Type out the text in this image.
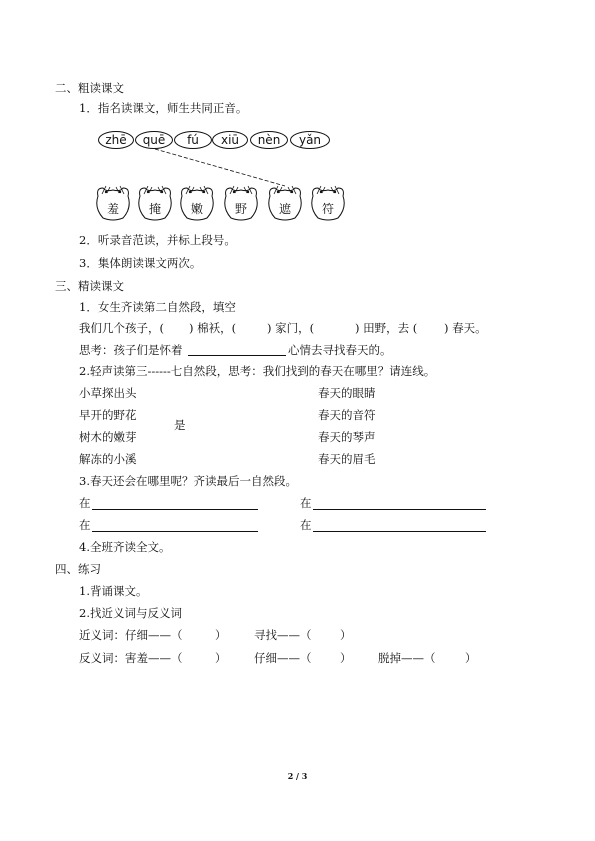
二、粗读课文
1．指名读课文，师生共同正音。
zhē	quē	fú	xiū	nèn	yǎn
羞	掩	嫩	野	遮	符
2．听录音范读，并标上段号。
3．集体朗读课文两次。
三、精读课文
1．女生齐读第二自然段，填空
我们几个孩子，( ) 棉袄，(	) 家门，(	) 田野，去 ( ) 春天。
思考：孩子们是怀着	心情去寻找春天的。
2.轻声读第三------七自然段，思考：我们找到的春天在哪里？请连线。
小草探出头
早开的野花
树木的嫩芽
解冻的小溪
是
春天的眼睛
春天的音符
春天的琴声
春天的眉毛
3.春天还会在哪里呢？齐读最后一自然段。
在	在
在	在
4.全班齐读全文。
四、练习
1.背诵课文。
2.找近义词与反义词
近义词：仔细——（	） 寻找——（ ）
反义词：害羞——（	） 仔细——（ ） 脱掉——（	）
2 / 3
